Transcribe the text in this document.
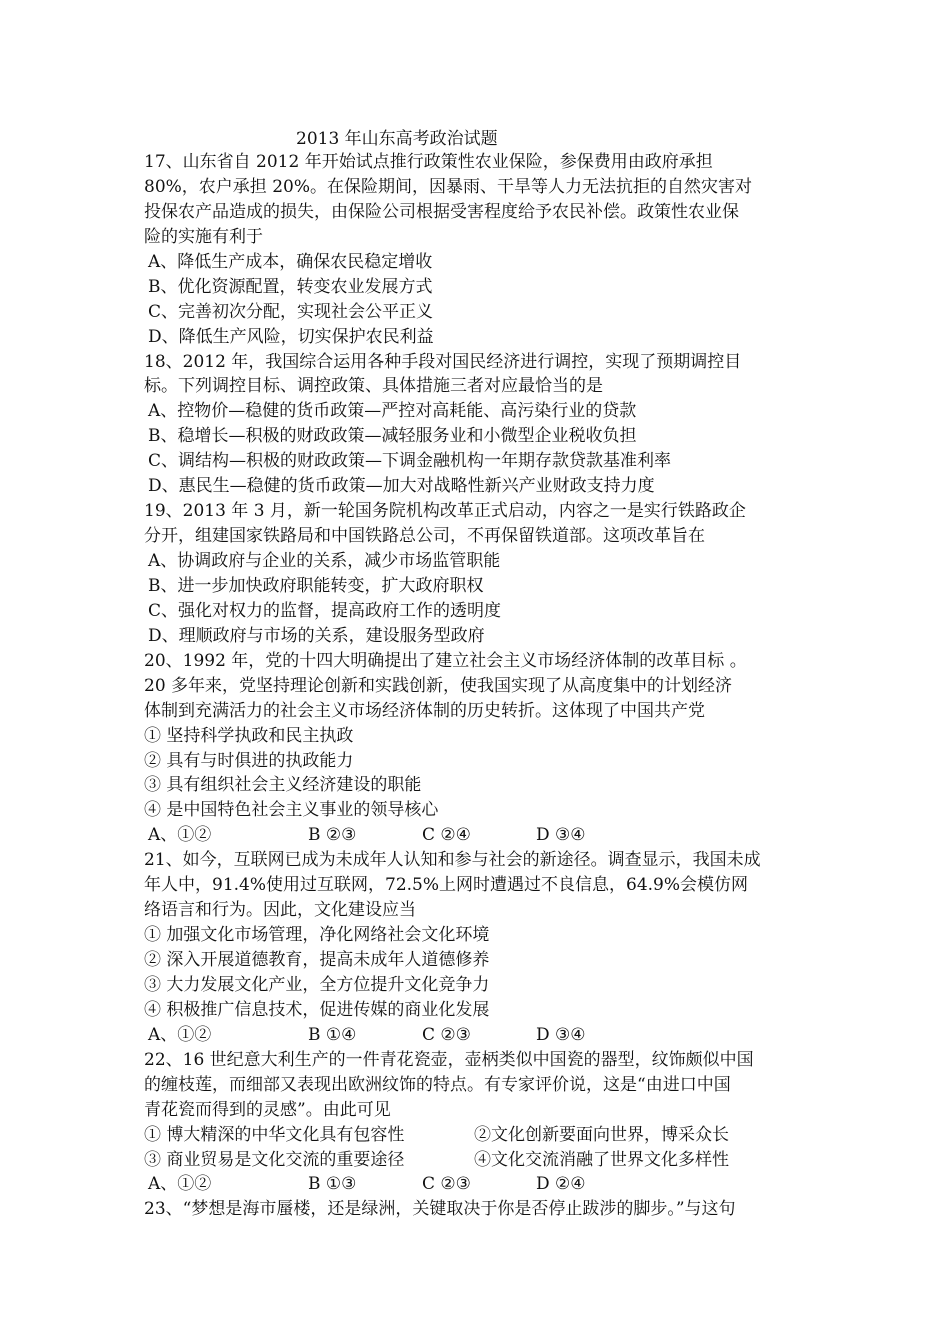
2013 年山东高考政治试题
17、山东省自 2012 年开始试点推行政策性农业保险，参保费用由政府承担
80%，农户承担 20%。在保险期间，因暴雨、干旱等人力无法抗拒的自然灾害对
投保农产品造成的损失，由保险公司根据受害程度给予农民补偿。政策性农业保
险的实施有利于
A、降低生产成本，确保农民稳定增收
B、优化资源配置，转变农业发展方式
C、完善初次分配，实现社会公平正义
D、降低生产风险，切实保护农民利益
18、2012 年，我国综合运用各种手段对国民经济进行调控，实现了预期调控目
标。下列调控目标、调控政策、具体措施三者对应最恰当的是
A、控物价—稳健的货币政策—严控对高耗能、高污染行业的贷款
B、稳增长—积极的财政政策—减轻服务业和小微型企业税收负担
C、调结构—积极的财政政策—下调金融机构一年期存款贷款基准利率
D、惠民生—稳健的货币政策—加大对战略性新兴产业财政支持力度
19、2013 年 3 月，新一轮国务院机构改革正式启动，内容之一是实行铁路政企
分开，组建国家铁路局和中国铁路总公司，不再保留铁道部。这项改革旨在
A、协调政府与企业的关系，减少市场监管职能
B、进一步加快政府职能转变，扩大政府职权
C、强化对权力的监督，提高政府工作的透明度
D、理顺政府与市场的关系，建设服务型政府
20、1992 年，党的十四大明确提出了建立社会主义市场经济体制的改革目标 。
20 多年来，党坚持理论创新和实践创新，使我国实现了从高度集中的计划经济
体制到充满活力的社会主义市场经济体制的历史转折。这体现了中国共产党
① 坚持科学执政和民主执政
② 具有与时俱进的执政能力
③ 具有组织社会主义经济建设的职能
④ 是中国特色社会主义事业的领导核心
A、①②	B ②③	C ②④	D ③④
21、如今，互联网已成为未成年人认知和参与社会的新途径。调查显示，我国未成
年人中，91.4%使用过互联网，72.5%上网时遭遇过不良信息，64.9%会模仿网
络语言和行为。因此，文化建设应当
① 加强文化市场管理，净化网络社会文化环境
② 深入开展道德教育，提高未成年人道德修养
③ 大力发展文化产业，全方位提升文化竞争力
④ 积极推广信息技术，促进传媒的商业化发展
A、①②	B ①④	C ②③	D ③④
22、16 世纪意大利生产的一件青花瓷壶，壶柄类似中国瓷的器型，纹饰颇似中国
的缠枝莲，而细部又表现出欧洲纹饰的特点。有专家评价说，这是“由进口中国
青花瓷而得到的灵感”。由此可见
① 博大精深的中华文化具有包容性	②文化创新要面向世界，博采众长
③ 商业贸易是文化交流的重要途径	④文化交流消融了世界文化多样性
A、①②	B ①③	C ②③	D ②④
23、“梦想是海市蜃楼，还是绿洲，关键取决于你是否停止跋涉的脚步。”与这句
